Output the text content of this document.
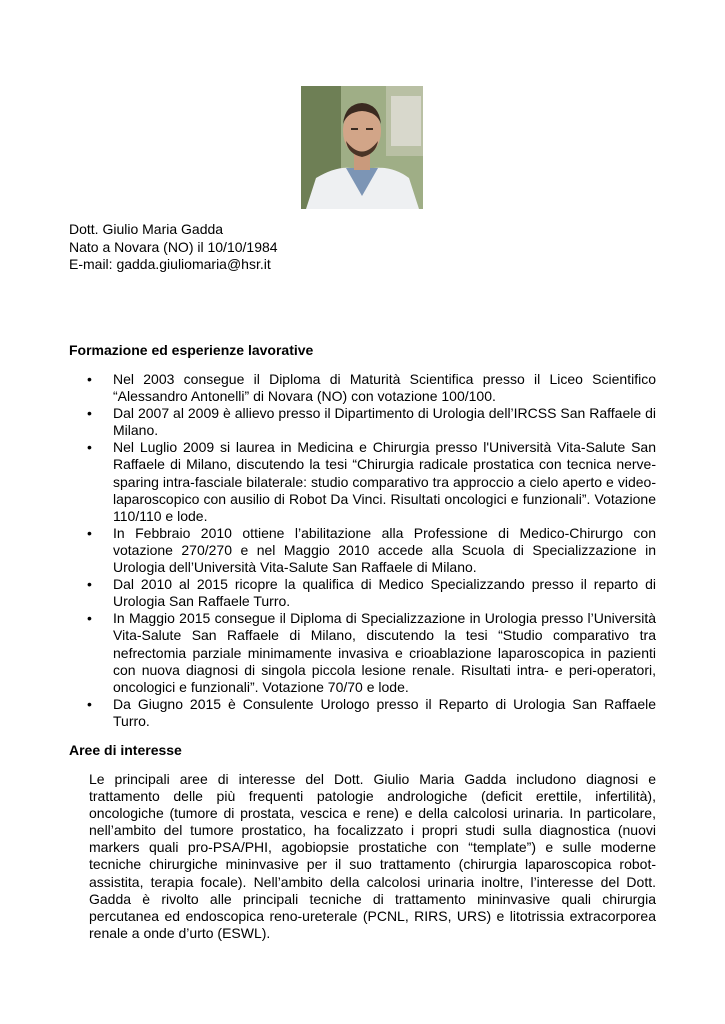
Dott. Giulio Maria Gadda
Nato a Novara (NO) il 10/10/1984
E-mail: gadda.giuliomaria@hsr.it
Formazione ed esperienze lavorative
• Nel 2003 consegue il Diploma di Maturità Scientifica presso il Liceo Scientifico “Alessandro Antonelli” di Novara (NO) con votazione 100/100.
• Dal 2007 al 2009 è allievo presso il Dipartimento di Urologia dell’IRCSS San Raffaele di Milano.
• Nel Luglio 2009 si laurea in Medicina e Chirurgia presso l'Università Vita-Salute San Raffaele di Milano, discutendo la tesi “Chirurgia radicale prostatica con tecnica nerve-sparing intra-fasciale bilaterale: studio comparativo tra approccio a cielo aperto e video-laparoscopico con ausilio di Robot Da Vinci. Risultati oncologici e funzionali”. Votazione 110/110 e lode.
• In Febbraio 2010 ottiene l’abilitazione alla Professione di Medico-Chirurgo con votazione 270/270 e nel Maggio 2010 accede alla Scuola di Specializzazione in Urologia dell’Università Vita-Salute San Raffaele di Milano.
• Dal 2010 al 2015 ricopre la qualifica di Medico Specializzando presso il reparto di Urologia San Raffaele Turro.
• In Maggio 2015 consegue il Diploma di Specializzazione in Urologia presso l’Università Vita-Salute San Raffaele di Milano, discutendo la tesi “Studio comparativo tra nefrectomia parziale minimamente invasiva e crioablazione laparoscopica in pazienti con nuova diagnosi di singola piccola lesione renale. Risultati intra- e peri-operatori, oncologici e funzionali”. Votazione 70/70 e lode.
• Da Giugno 2015 è Consulente Urologo presso il Reparto di Urologia San Raffaele Turro.
Aree di interesse

Le principali aree di interesse del Dott. Giulio Maria Gadda includono diagnosi e trattamento delle più frequenti patologie andrologiche (deficit erettile, infertilità), oncologiche (tumore di prostata, vescica e rene) e della calcolosi urinaria. In particolare, nell’ambito del tumore prostatico, ha focalizzato i propri studi sulla diagnostica (nuovi markers quali pro-PSA/PHI, agobiopsie prostatiche con “template”) e sulle moderne tecniche chirurgiche mininvasive per il suo trattamento (chirurgia laparoscopica robot-assistita, terapia focale). Nell’ambito della calcolosi urinaria inoltre, l’interesse del Dott. Gadda è rivolto alle principali tecniche di trattamento mininvasive quali chirurgia percutanea ed endoscopica reno-ureterale (PCNL, RIRS, URS) e litotrissia extracorporea renale a onde d’urto (ESWL).
